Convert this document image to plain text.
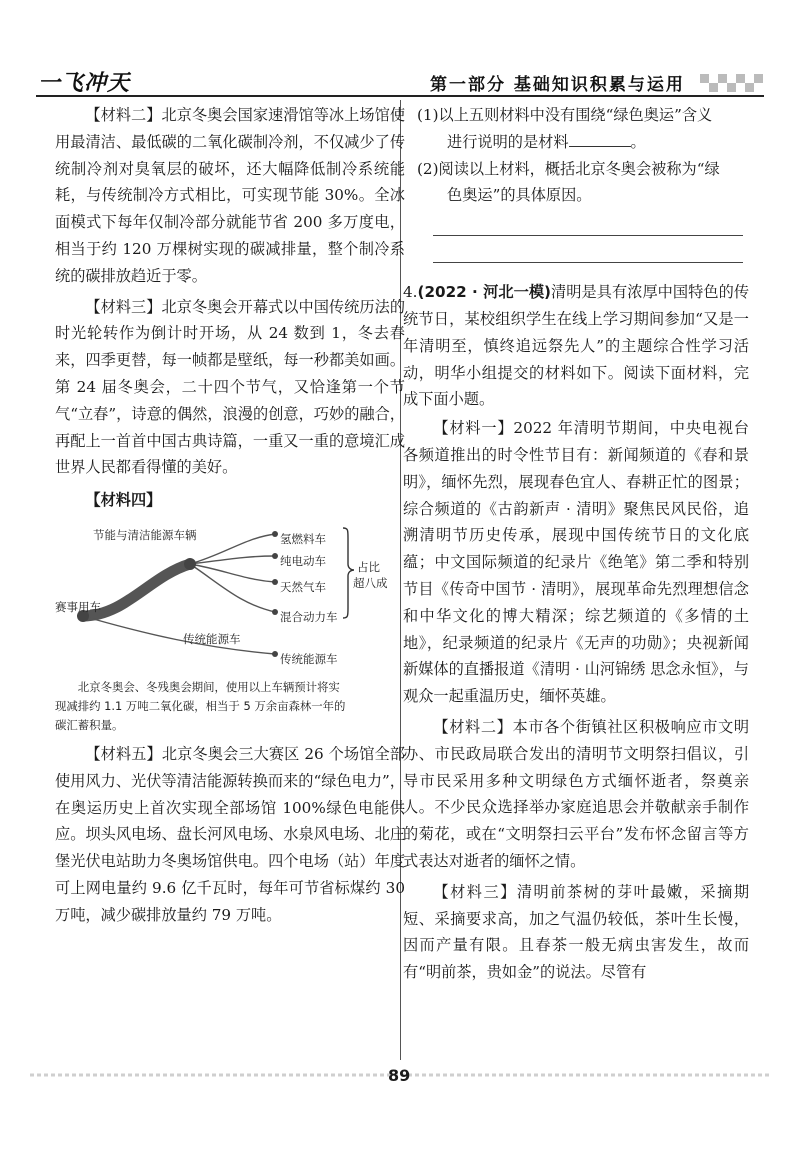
一飞冲天	第一部分 基础知识积累与运用

【材料二】北京冬奥会国家速滑馆等冰上场馆使用最清洁、最低碳的二氧化碳制冷剂，不仅减少了传统制冷剂对臭氧层的破坏，还大幅降低制冷系统能耗，与传统制冷方式相比，可实现节能 30%。全冰面模式下每年仅制冷部分就能节省 200 多万度电，相当于约 120 万棵树实现的碳减排量，整个制冷系统的碳排放趋近于零。

【材料三】北京冬奥会开幕式以中国传统历法的时光轮转作为倒计时开场，从 24 数到 1，冬去春来，四季更替，每一帧都是壁纸，每一秒都美如画。第 24 届冬奥会，二十四个节气，又恰逢第一个节气“立春”，诗意的偶然，浪漫的创意，巧妙的融合，再配上一首首中国古典诗篇，一重又一重的意境汇成世界人民都看得懂的美好。

【材料四】

节能与清洁能源车辆
赛事用车
氢燃料车
纯电动车
天然气车
混合动力车
占比
超八成
传统能源车
传统能源车
北京冬奥会、冬残奥会期间，使用以上车辆预计将实
现减排约 1.1 万吨二氧化碳，相当于 5 万余亩森林一年的
碳汇蓄积量。

【材料五】北京冬奥会三大赛区 26 个场馆全部使用风力、光伏等清洁能源转换而来的“绿色电力”，在奥运历史上首次实现全部场馆 100%绿色电能供应。坝头风电场、盘长河风电场、水泉风电场、北庄堡光伏电站助力冬奥场馆供电。四个电场（站）年度可上网电量约 9.6 亿千瓦时，每年可节省标煤约 30 万吨，减少碳排放量约 79 万吨。

(1)以上五则材料中没有围绕“绿色奥运”含义

进行说明的是材料	。

(2)阅读以上材料，概括北京冬奥会被称为“绿

色奥运”的具体原因。

4.(2022 · 河北一模)清明是具有浓厚中国特色的传统节日，某校组织学生在线上学习期间参加“又是一年清明至，慎终追远祭先人”的主题综合性学习活动，明华小组提交的材料如下。阅读下面材料，完成下面小题。

【材料一】2022 年清明节期间，中央电视台各频道推出的时令性节目有：新闻频道的《春和景明》，缅怀先烈，展现春色宜人、春耕正忙的图景；综合频道的《古韵新声 · 清明》聚焦民风民俗，追溯清明节历史传承，展现中国传统节日的文化底蕴；中文国际频道的纪录片《绝笔》第二季和特别节目《传奇中国节 · 清明》，展现革命先烈理想信念和中华文化的博大精深；综艺频道的《多情的土地》，纪录频道的纪录片《无声的功勋》；央视新闻新媒体的直播报道《清明 · 山河锦绣 思念永恒》，与观众一起重温历史，缅怀英雄。

【材料二】本市各个街镇社区积极响应市文明办、市民政局联合发出的清明节文明祭扫倡议，引导市民采用多种文明绿色方式缅怀逝者，祭奠亲人。不少民众选择举办家庭追思会并敬献亲手制作的菊花，或在“文明祭扫云平台”发布怀念留言等方式表达对逝者的缅怀之情。

【材料三】清明前茶树的芽叶最嫩，采摘期短、采摘要求高，加之气温仍较低，茶叶生长慢，因而产量有限。且春茶一般无病虫害发生，故而有“明前茶，贵如金”的说法。尽管有

89
